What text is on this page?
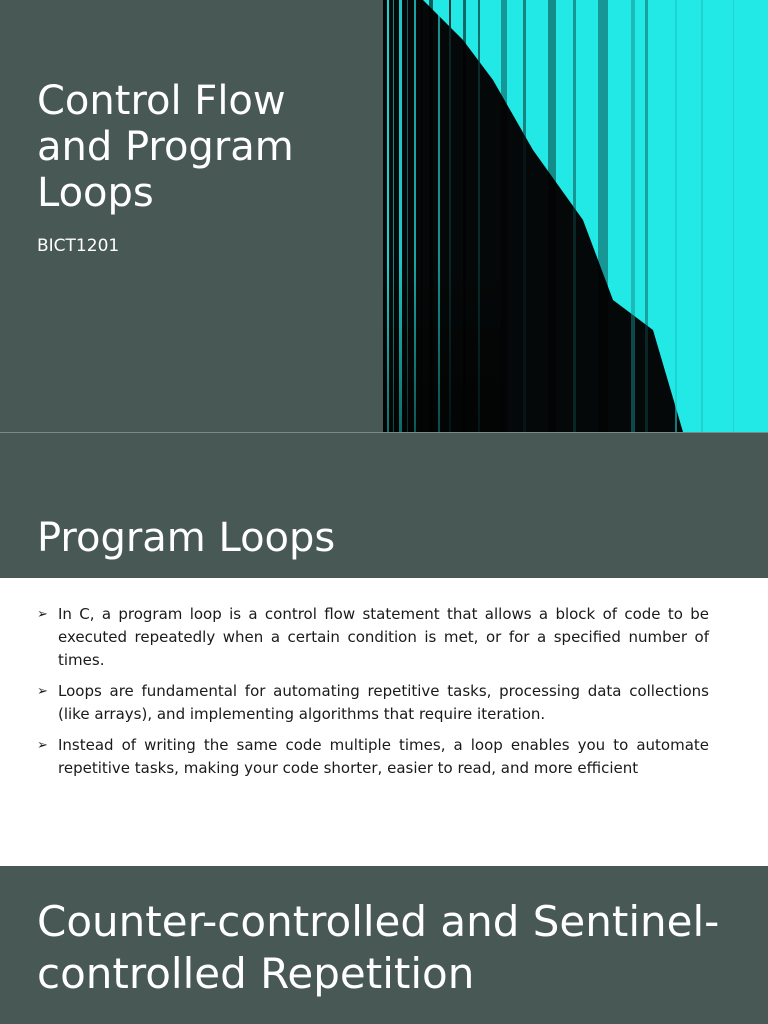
Control Flow and Program Loops

BICT1201

Program Loops
➢ In C, a program loop is a control flow statement that allows a block of code to be executed repeatedly when a certain condition is met, or for a specified number of times.
➢ Loops are fundamental for automating repetitive tasks, processing data collections (like arrays), and implementing algorithms that require iteration.
➢ Instead of writing the same code multiple times, a loop enables you to automate repetitive tasks, making your code shorter, easier to read, and more efficient
Counter-controlled and Sentinel-controlled Repetition
